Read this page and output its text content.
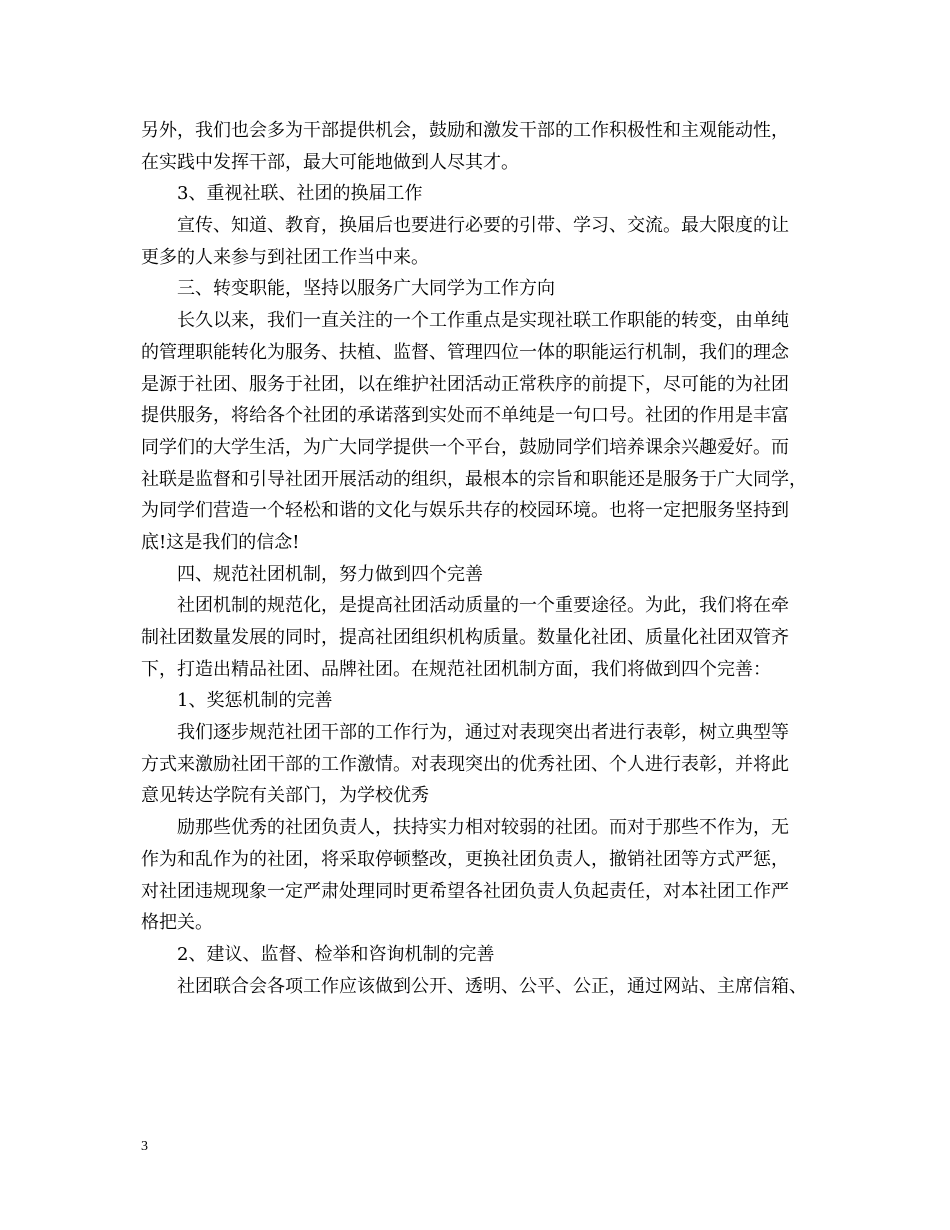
另外，我们也会多为干部提供机会，鼓励和激发干部的工作积极性和主观能动性，
在实践中发挥干部，最大可能地做到人尽其才。
3、重视社联、社团的换届工作
宣传、知道、教育，换届后也要进行必要的引带、学习、交流。最大限度的让
更多的人来参与到社团工作当中来。
三、转变职能，坚持以服务广大同学为工作方向
长久以来，我们一直关注的一个工作重点是实现社联工作职能的转变，由单纯
的管理职能转化为服务、扶植、监督、管理四位一体的职能运行机制，我们的理念
是源于社团、服务于社团，以在维护社团活动正常秩序的前提下，尽可能的为社团
提供服务，将给各个社团的承诺落到实处而不单纯是一句口号。社团的作用是丰富
同学们的大学生活，为广大同学提供一个平台，鼓励同学们培养课余兴趣爱好。而
社联是监督和引导社团开展活动的组织，最根本的宗旨和职能还是服务于广大同学，
为同学们营造一个轻松和谐的文化与娱乐共存的校园环境。也将一定把服务坚持到
底!这是我们的信念!
四、规范社团机制，努力做到四个完善
社团机制的规范化，是提高社团活动质量的一个重要途径。为此，我们将在牵
制社团数量发展的同时，提高社团组织机构质量。数量化社团、质量化社团双管齐
下，打造出精品社团、品牌社团。在规范社团机制方面，我们将做到四个完善：
1、奖惩机制的完善
我们逐步规范社团干部的工作行为，通过对表现突出者进行表彰，树立典型等
方式来激励社团干部的工作激情。对表现突出的优秀社团、个人进行表彰，并将此
意见转达学院有关部门，为学校优秀
励那些优秀的社团负责人，扶持实力相对较弱的社团。而对于那些不作为，无
作为和乱作为的社团，将采取停顿整改，更换社团负责人，撤销社团等方式严惩，
对社团违规现象一定严肃处理同时更希望各社团负责人负起责任，对本社团工作严
格把关。
2、建议、监督、检举和咨询机制的完善
社团联合会各项工作应该做到公开、透明、公平、公正，通过网站、主席信箱、
3
